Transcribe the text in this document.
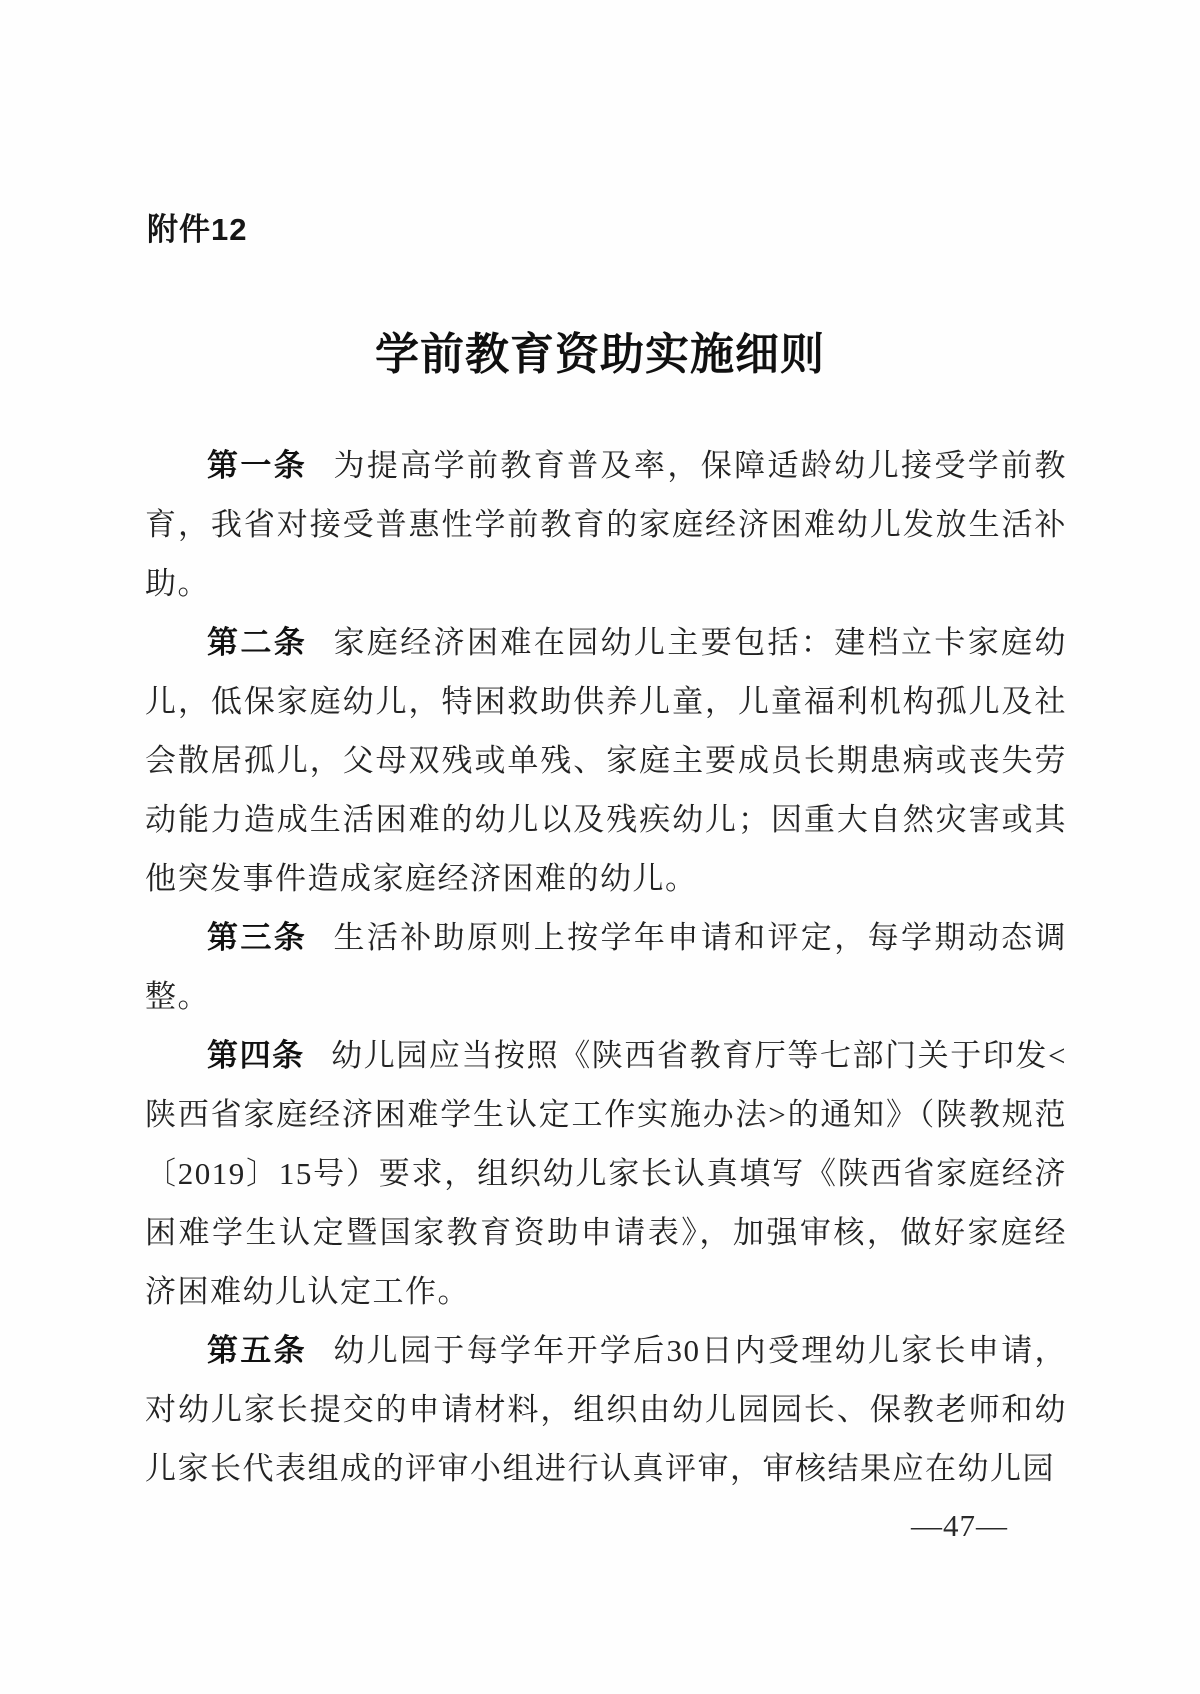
附件12
学前教育资助实施细则

第一条 为提高学前教育普及率，保障适龄幼儿接受学前教育，我省对接受普惠性学前教育的家庭经济困难幼儿发放生活补助。

第二条 家庭经济困难在园幼儿主要包括：建档立卡家庭幼儿，低保家庭幼儿，特困救助供养儿童，儿童福利机构孤儿及社会散居孤儿，父母双残或单残、家庭主要成员长期患病或丧失劳动能力造成生活困难的幼儿以及残疾幼儿；因重大自然灾害或其他突发事件造成家庭经济困难的幼儿。

第三条 生活补助原则上按学年申请和评定，每学期动态调整。

第四条 幼儿园应当按照《陕西省教育厅等七部门关于印发<陕西省家庭经济困难学生认定工作实施办法>的通知》（陕教规范〔2019〕15号）要求，组织幼儿家长认真填写《陕西省家庭经济困难学生认定暨国家教育资助申请表》，加强审核，做好家庭经济困难幼儿认定工作。

第五条 幼儿园于每学年开学后30日内受理幼儿家长申请，对幼儿家长提交的申请材料，组织由幼儿园园长、保教老师和幼儿家长代表组成的评审小组进行认真评审，审核结果应在幼儿园

—47—
